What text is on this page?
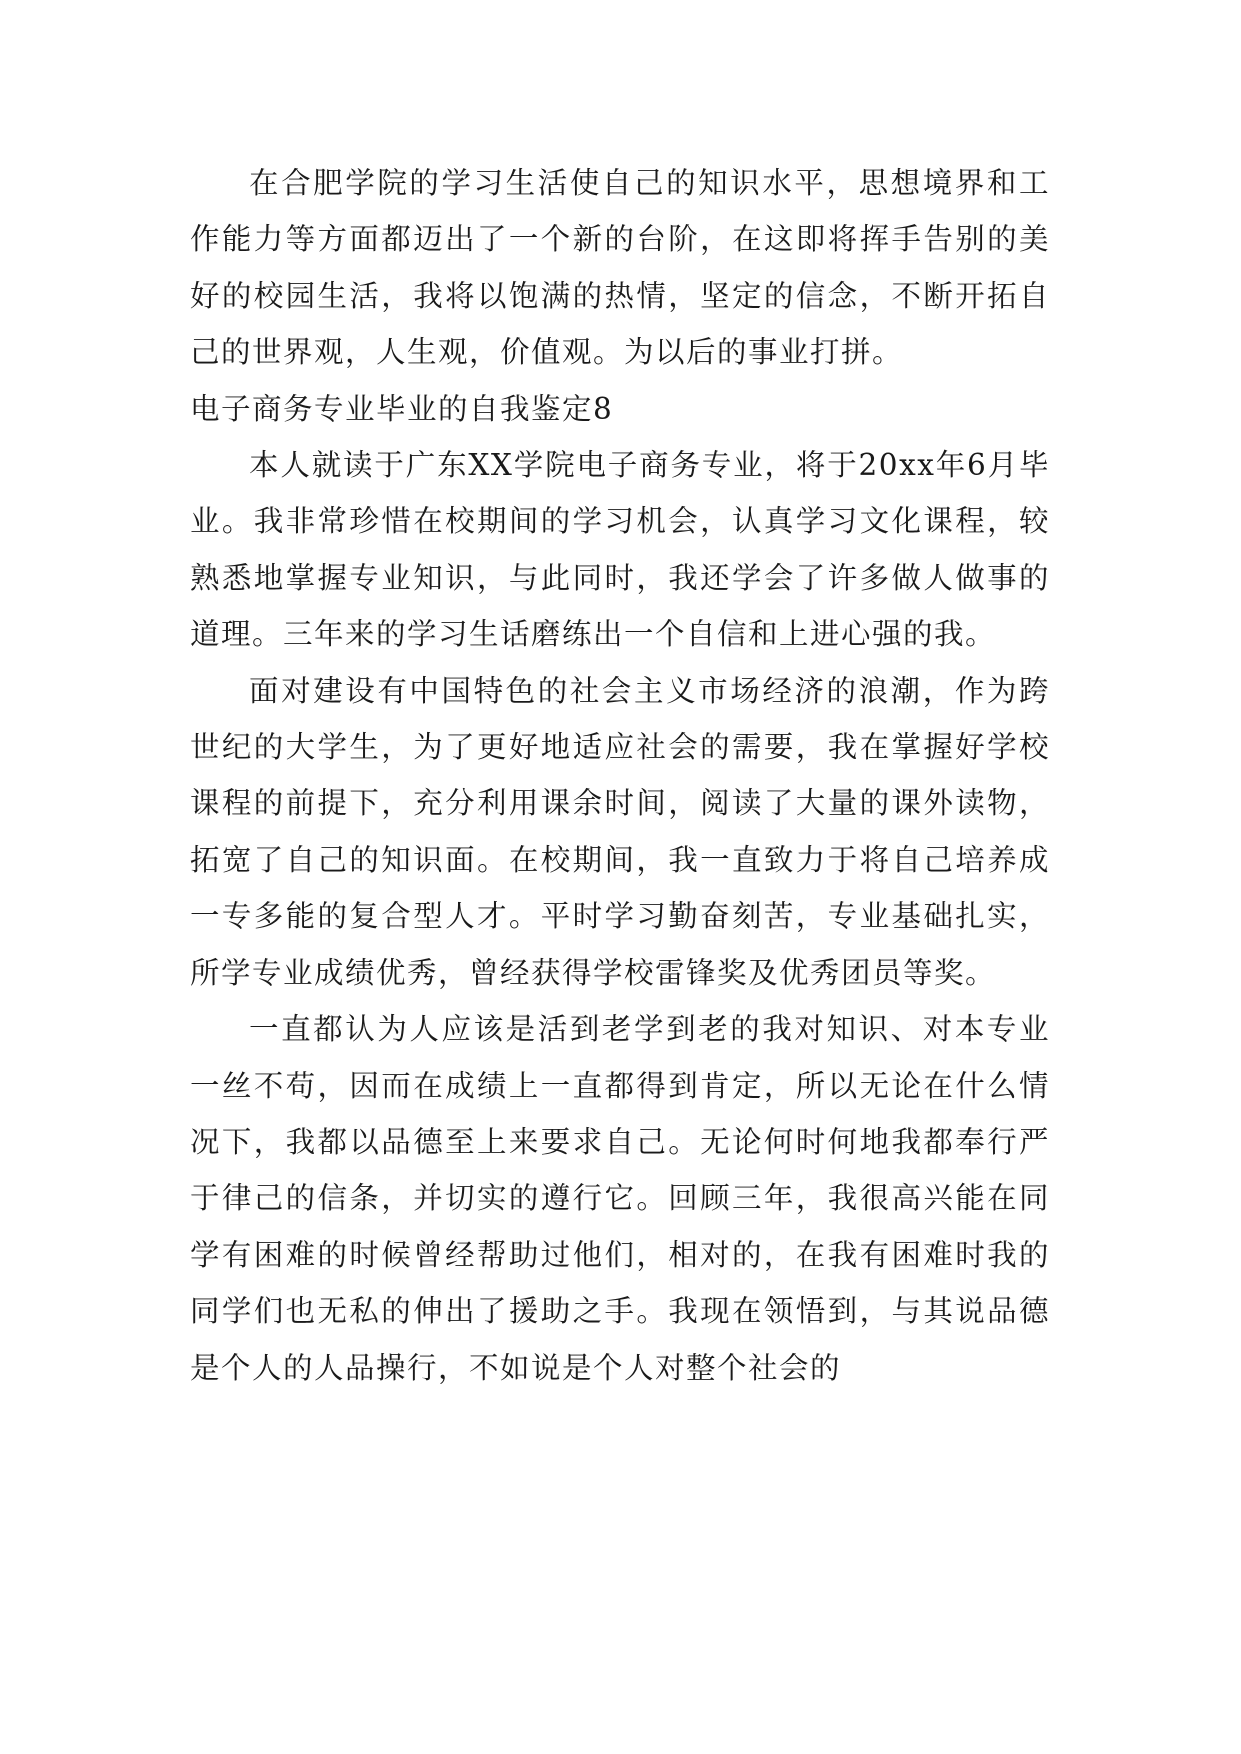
在合肥学院的学习生活使自己的知识水平，思想境界和工作能力等方面都迈出了一个新的台阶，在这即将挥手告别的美好的校园生活，我将以饱满的热情，坚定的信念，不断开拓自己的世界观，人生观，价值观。为以后的事业打拼。

电子商务专业毕业的自我鉴定8

本人就读于广东XX学院电子商务专业，将于20xx年6月毕业。我非常珍惜在校期间的学习机会，认真学习文化课程，较熟悉地掌握专业知识，与此同时，我还学会了许多做人做事的道理。三年来的学习生话磨练出一个自信和上进心强的我。

面对建设有中国特色的社会主义市场经济的浪潮，作为跨世纪的大学生，为了更好地适应社会的需要，我在掌握好学校课程的前提下，充分利用课余时间，阅读了大量的课外读物，拓宽了自己的知识面。在校期间，我一直致力于将自己培养成一专多能的复合型人才。平时学习勤奋刻苦，专业基础扎实，所学专业成绩优秀，曾经获得学校雷锋奖及优秀团员等奖。

一直都认为人应该是活到老学到老的我对知识、对本专业一丝不苟，因而在成绩上一直都得到肯定，所以无论在什么情况下，我都以品德至上来要求自己。无论何时何地我都奉行严于律己的信条，并切实的遵行它。回顾三年，我很高兴能在同学有困难的时候曾经帮助过他们，相对的，在我有困难时我的同学们也无私的伸出了援助之手。我现在领悟到，与其说品德是个人的人品操行，不如说是个人对整个社会的
